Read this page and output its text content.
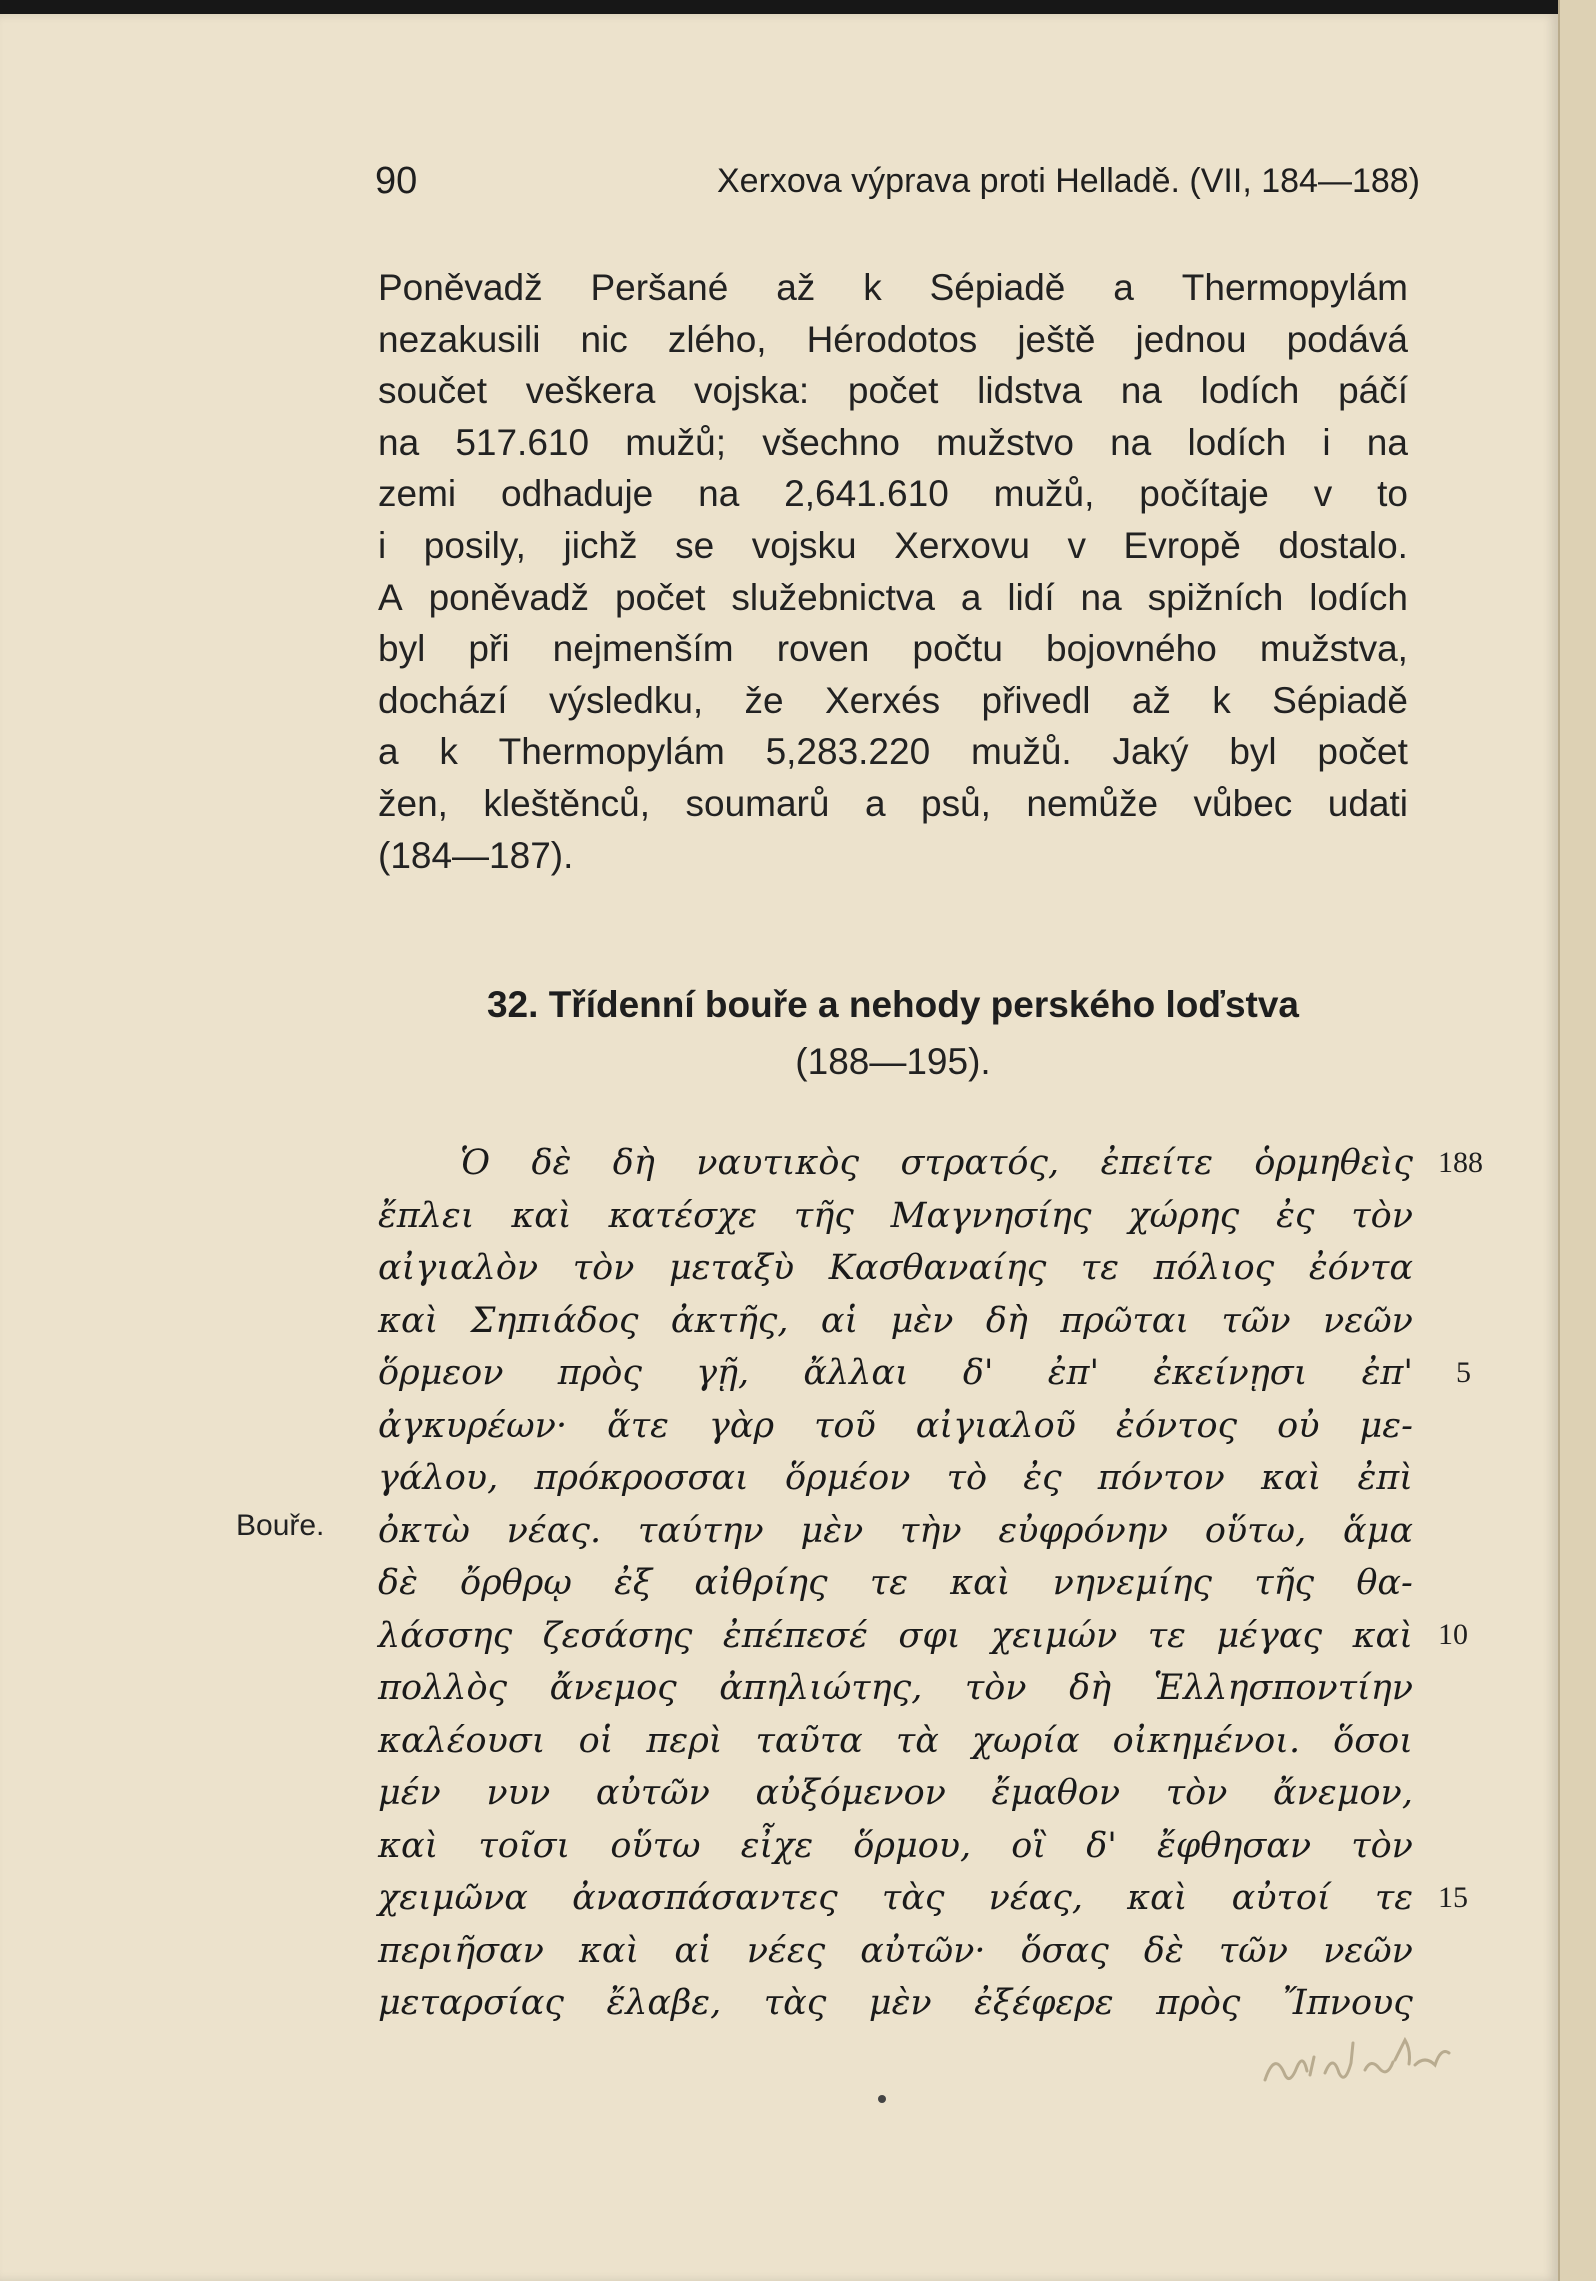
90	Xerxova výprava proti Helladě. (VII, 184—188)
Poněvadž Peršané až k Sépiadě a Thermopylám
nezakusili nic zlého, Hérodotos ještě jednou podává
součet veškera vojska: počet lidstva na lodích páčí
na 517.610 mužů; všechno mužstvo na lodích i na
zemi odhaduje na 2,641.610 mužů, počítaje v to
i posily, jichž se vojsku Xerxovu v Evropě dostalo.
A poněvadž počet služebnictva a lidí na spižních lodích
byl při nejmenším roven počtu bojovného mužstva,
dochází výsledku, že Xerxés přivedl až k Sépiadě
a k Thermopylám 5,283.220 mužů. Jaký byl počet
žen, kleštěnců, soumarů a psů, nemůže vůbec udati
(184—187).
32. Třídenní bouře a nehody perského loďstva
(188—195).
Ὁ δὲ δὴ ναυτικὸς στρατός, ἐπείτε ὁρμηθεὶς
ἔπλει καὶ κατέσχε τῆς Μαγνησίης χώρης ἐς τὸν
αἰγιαλὸν τὸν μεταξὺ Κασθαναίης τε πόλιος ἐόντα
καὶ Σηπιάδος ἀκτῆς, αἱ μὲν δὴ πρῶται τῶν νεῶν
ὅρμεον πρὸς γῇ, ἄλλαι δ' ἐπ' ἐκείνῃσι ἐπ'
ἀγκυρέων· ἅτε γὰρ τοῦ αἰγιαλοῦ ἐόντος οὐ με-
γάλου, πρόκροσσαι ὅρμέον τὸ ἐς πόντον καὶ ἐπὶ
ὀκτὼ νέας. ταύτην μὲν τὴν εὐφρόνην οὕτω, ἅμα
δὲ ὄρθρῳ ἐξ αἰθρίης τε καὶ νηνεμίης τῆς θα-
λάσσης ζεσάσης ἐπέπεσέ σφι χειμών τε μέγας καὶ
πολλὸς ἄνεμος ἀπηλιώτης, τὸν δὴ Ἑλλησποντίην
καλέουσι οἱ περὶ ταῦτα τὰ χωρία οἰκημένοι. ὅσοι
μέν νυν αὐτῶν αὐξόμενον ἔμαθον τὸν ἄνεμον,
καὶ τοῖσι οὕτω εἶχε ὅρμου, οἳ δ' ἔφθησαν τὸν
χειμῶνα ἀνασπάσαντες τὰς νέας, καὶ αὐτοί τε
περιῆσαν καὶ αἱ νέες αὐτῶν· ὅσας δὲ τῶν νεῶν
μεταρσίας ἔλαβε, τὰς μὲν ἐξέφερε πρὸς Ἴπνους
188
5
10
15
Bouře.
